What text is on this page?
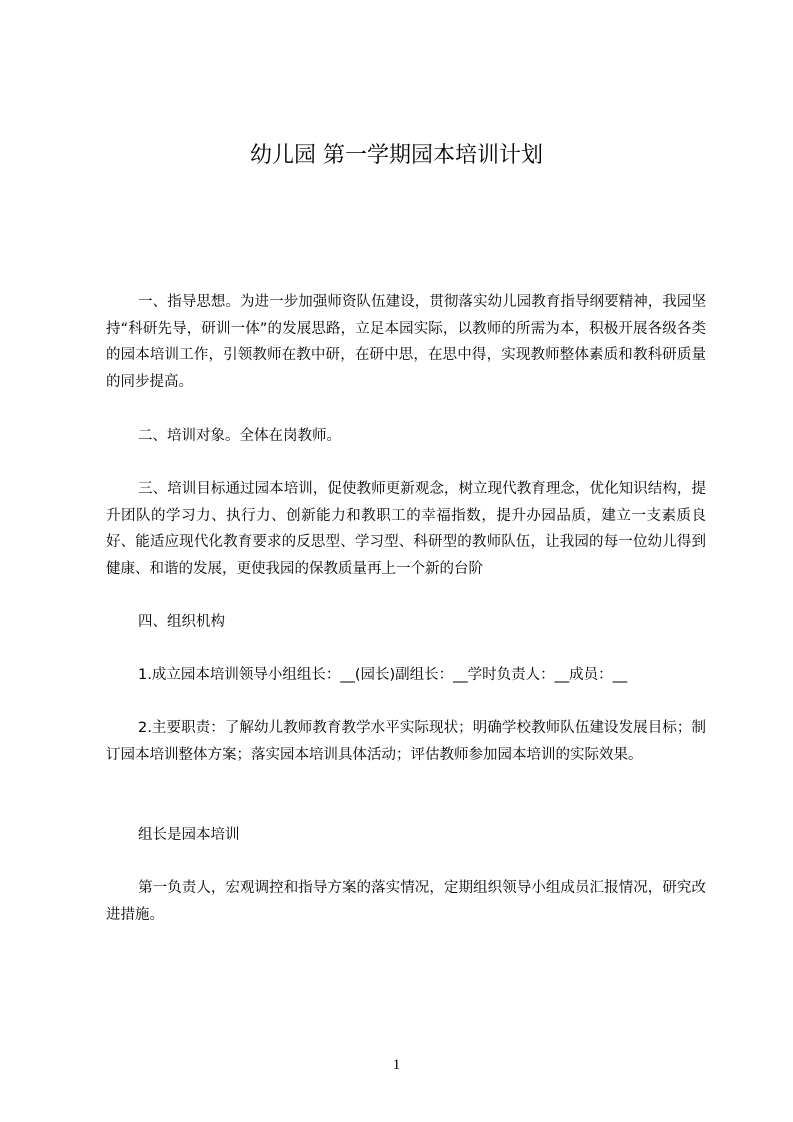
幼儿园 第一学期园本培训计划

一、指导思想。为进一步加强师资队伍建设，贯彻落实幼儿园教育指导纲要精神，我园坚持“科研先导，研训一体”的发展思路，立足本园实际，以教师的所需为本，积极开展各级各类的园本培训工作，引领教师在教中研，在研中思，在思中得，实现教师整体素质和教科研质量的同步提高。

二、培训对象。全体在岗教师。

三、培训目标通过园本培训，促使教师更新观念，树立现代教育理念，优化知识结构，提升团队的学习力、执行力、创新能力和教职工的幸福指数，提升办园品质，建立一支素质良好、能适应现代化教育要求的反思型、学习型、科研型的教师队伍，让我园的每一位幼儿得到健康、和谐的发展，更使我园的保教质量再上一个新的台阶

四、组织机构

1.成立园本培训领导小组组长：__(园长)副组长：__学时负责人：__成员：__

2.主要职责：了解幼儿教师教育教学水平实际现状；明确学校教师队伍建设发展目标；制订园本培训整体方案；落实园本培训具体活动；评估教师参加园本培训的实际效果。

组长是园本培训

第一负责人，宏观调控和指导方案的落实情况，定期组织领导小组成员汇报情况，研究改进措施。

1
